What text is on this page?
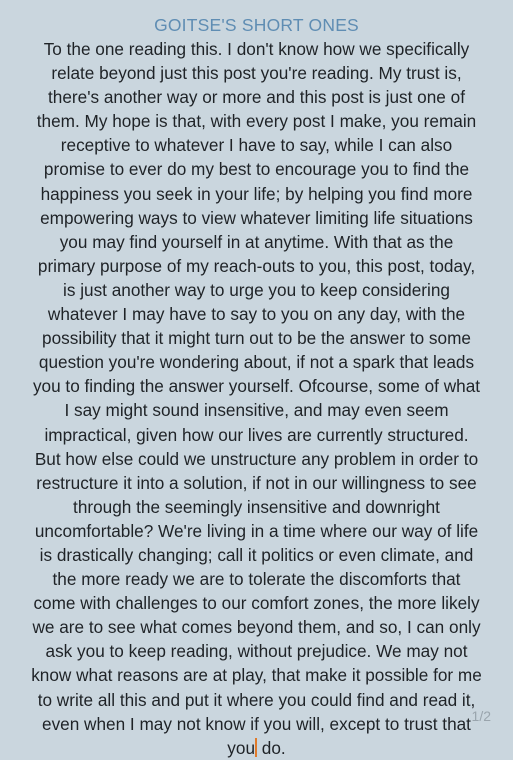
GOITSE'S SHORT ONES

To the one reading this. I don't know how we specifically relate beyond just this post you're reading. My trust is, there's another way or more and this post is just one of them. My hope is that, with every post I make, you remain receptive to whatever I have to say, while I can also promise to ever do my best to encourage you to find the happiness you seek in your life; by helping you find more empowering ways to view whatever limiting life situations you may find yourself in at anytime. With that as the primary purpose of my reach-outs to you, this post, today, is just another way to urge you to keep considering whatever I may have to say to you on any day, with the possibility that it might turn out to be the answer to some question you're wondering about, if not a spark that leads you to finding the answer yourself. Ofcourse, some of what I say might sound insensitive, and may even seem impractical, given how our lives are currently structured. But how else could we unstructure any problem in order to restructure it into a solution, if not in our willingness to see through the seemingly insensitive and downright uncomfortable? We're living in a time where our way of life is drastically changing; call it politics or even climate, and the more ready we are to tolerate the discomforts that come with challenges to our comfort zones, the more likely we are to see what comes beyond them, and so, I can only ask you to keep reading, without prejudice. We may not know what reasons are at play, that make it possible for me to write all this and put it where you could find and read it, even when I may not know if you will, except to trust that you do.

1/2
